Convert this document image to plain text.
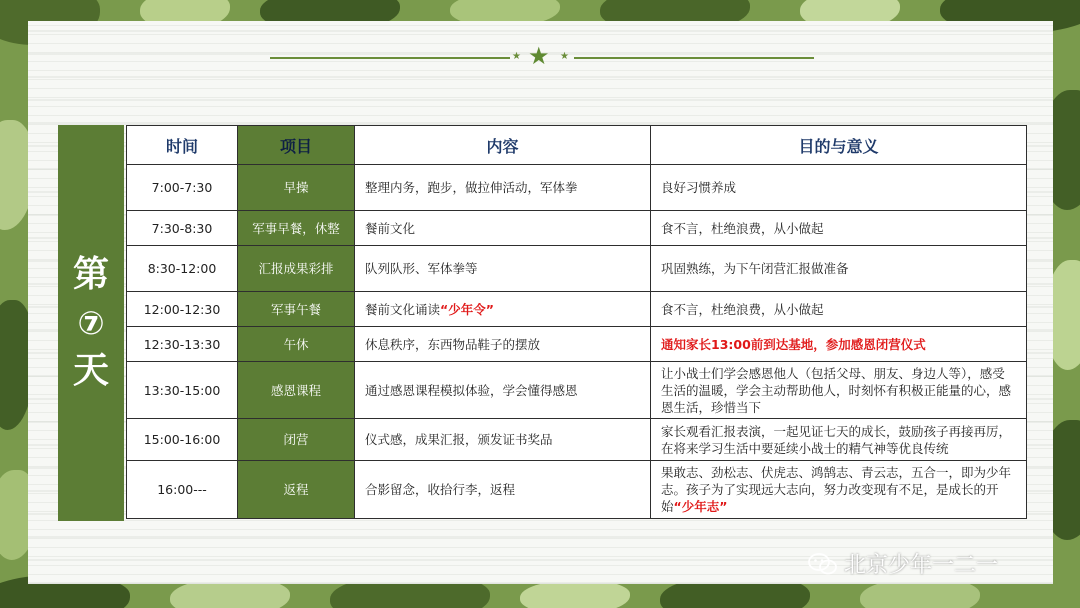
★ ★ ★
第
⑦
天
时间	项目	内容	目的与意义
7:00-7:30	早操	整理内务，跑步，做拉伸活动，军体拳	良好习惯养成
7:30-8:30	军事早餐，休整	餐前文化	食不言，杜绝浪费，从小做起
8:30-12:00	汇报成果彩排	队列队形、军体拳等	巩固熟练，为下午闭营汇报做准备
12:00-12:30	军事午餐	餐前文化诵读“少年令”	食不言，杜绝浪费，从小做起
12:30-13:30	午休	休息秩序，东西物品鞋子的摆放	通知家长13:00前到达基地，参加感恩闭营仪式
13:30-15:00	感恩课程	通过感恩课程模拟体验，学会懂得感恩	让小战士们学会感恩他人（包括父母、朋友、身边人等），感受生活的温暖，学会主动帮助他人，时刻怀有积极正能量的心，感恩生活，珍惜当下
15:00-16:00	闭营	仪式感，成果汇报，颁发证书奖品	家长观看汇报表演，一起见证七天的成长，鼓励孩子再接再厉，在将来学习生活中要延续小战士的精气神等优良传统
16:00---	返程	合影留念，收拾行李，返程	果敢志、劲松志、伏虎志、鸿鹄志、青云志，五合一，即为少年志。孩子为了实现远大志向，努力改变现有不足，是成长的开始“少年志”
北京少年一二一
